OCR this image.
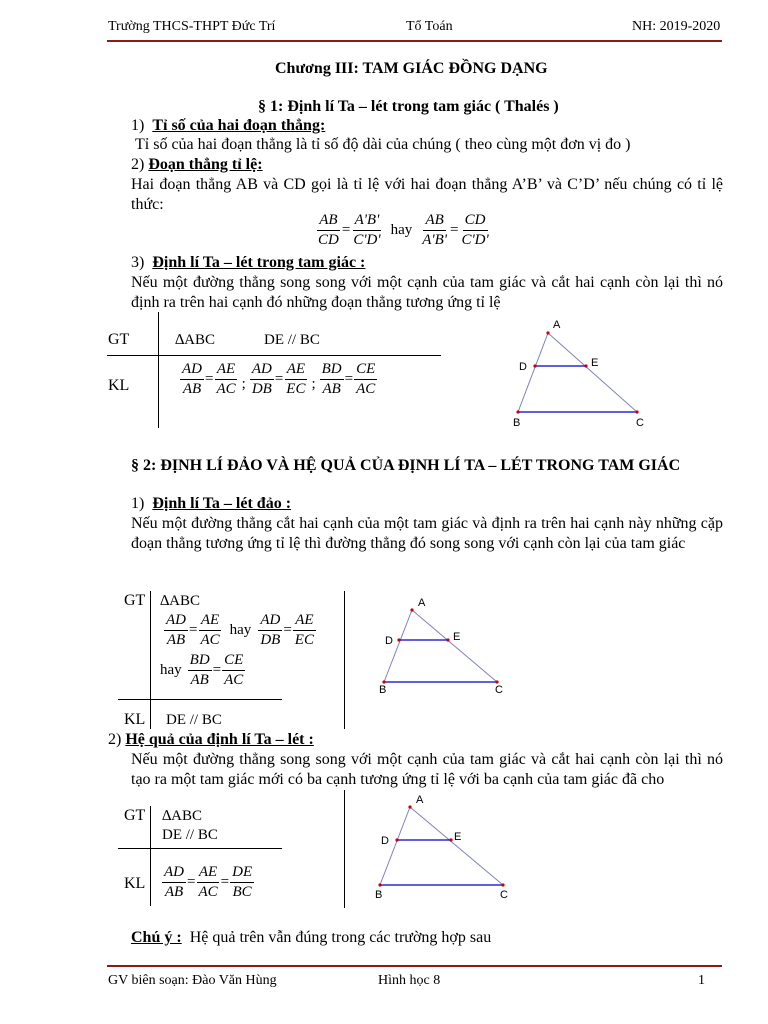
Trường THCS-THPT Đức Trí	Tổ Toán	NH: 2019-2020
Chương III: TAM GIÁC ĐỒNG DẠNG
§ 1: Định lí Ta – lét trong tam giác ( Thalés )
1) Tỉ số của hai đoạn thẳng:
Tỉ số của hai đoạn thẳng là tỉ số độ dài của chúng ( theo cùng một đơn vị đo )
2) Đoạn thẳng tỉ lệ:
Hai đoạn thẳng AB và CD gọi là tỉ lệ với hai đoạn thẳng A’B’ và C’D’ nếu chúng có tỉ lệ thức:
$\frac{AB}{CD} = \frac{A'B'}{C'D'}$ hay $\frac{AB}{A'B'} = \frac{CD}{C'D'}$
3) Định lí Ta – lét trong tam giác :
Nếu một đường thẳng song song với một cạnh của tam giác và cắt hai cạnh còn lại thì nó định ra trên hai cạnh đó những đoạn thẳng tương ứng tỉ lệ
GT	∆ABC	DE // BC
KL	$\frac{AD}{AB} = \frac{AE}{AC}$ ; $\frac{AD}{DB} = \frac{AE}{EC}$ ; $\frac{BD}{AB} = \frac{CE}{AC}$
A
D	E
B	C
§ 2: ĐỊNH LÍ ĐẢO VÀ HỆ QUẢ CỦA ĐỊNH LÍ TA – LÉT TRONG TAM GIÁC
1) Định lí Ta – lét đảo :
Nếu một đường thẳng cắt hai cạnh của một tam giác và định ra trên hai cạnh này những cặp đoạn thẳng tương ứng tỉ lệ thì đường thẳng đó song song với cạnh còn lại của tam giác
GT ∆ABC
$\frac{AD}{AB} = \frac{AE}{AC}$ hay $\frac{AD}{DB} = \frac{AE}{EC}$
hay $\frac{BD}{AB} = \frac{CE}{AC}$
KL DE // BC
A
D	E
B	C
2) Hệ quả của định lí Ta – lét :
Nếu một đường thẳng song song với một cạnh của tam giác và cắt hai cạnh còn lại thì nó tạo ra một tam giác mới có ba cạnh tương ứng tỉ lệ với ba cạnh của tam giác đã cho
GT ∆ABC
DE // BC
KL $\frac{AD}{AB} = \frac{AE}{AC} = \frac{DE}{BC}$
A
D	E
B	C
Chú ý : Hệ quả trên vẫn đúng trong các trường hợp sau
GV biên soạn: Đào Văn Hùng	Hình học 8	1
